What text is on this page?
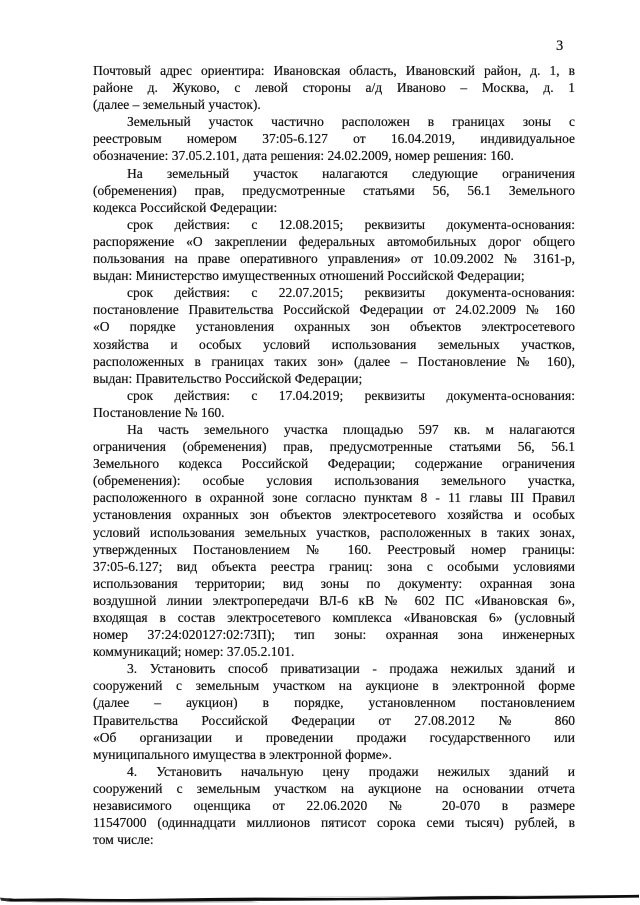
3
Почтовый адрес ориентира: Ивановская область, Ивановский район, д. 1, в
районе д. Жуково, с левой стороны а/д Иваново – Москва, д. 1
(далее – земельный участок).
Земельный участок частично расположен в границах зоны с
реестровым номером 37:05-6.127 от 16.04.2019, индивидуальное
обозначение: 37.05.2.101, дата решения: 24.02.2009, номер решения: 160.
На земельный участок налагаются следующие ограничения
(обременения) прав, предусмотренные статьями 56, 56.1 Земельного
кодекса Российской Федерации:
срок действия: с 12.08.2015; реквизиты документа-основания:
распоряжение «О закреплении федеральных автомобильных дорог общего
пользования на праве оперативного управления» от 10.09.2002 № 3161-р,
выдан: Министерство имущественных отношений Российской Федерации;
срок действия: с 22.07.2015; реквизиты документа-основания:
постановление Правительства Российской Федерации от 24.02.2009 № 160
«О порядке установления охранных зон объектов электросетевого
хозяйства и особых условий использования земельных участков,
расположенных в границах таких зон» (далее – Постановление № 160),
выдан: Правительство Российской Федерации;
срок действия: с 17.04.2019; реквизиты документа-основания:
Постановление № 160.
На часть земельного участка площадью 597 кв. м налагаются
ограничения (обременения) прав, предусмотренные статьями 56, 56.1
Земельного кодекса Российской Федерации; содержание ограничения
(обременения): особые условия использования земельного участка,
расположенного в охранной зоне согласно пунктам 8 - 11 главы III Правил
установления охранных зон объектов электросетевого хозяйства и особых
условий использования земельных участков, расположенных в таких зонах,
утвержденных Постановлением № 160. Реестровый номер границы:
37:05-6.127; вид объекта реестра границ: зона с особыми условиями
использования территории; вид зоны по документу: охранная зона
воздушной линии электропередачи ВЛ-6 кВ № 602 ПС «Ивановская 6»,
входящая в состав электросетевого комплекса «Ивановская 6» (условный
номер 37:24:020127:02:73П); тип зоны: охранная зона инженерных
коммуникаций; номер: 37.05.2.101.
3. Установить способ приватизации - продажа нежилых зданий и
сооружений с земельным участком на аукционе в электронной форме
(далее – аукцион) в порядке, установленном постановлением
Правительства Российской Федерации от 27.08.2012 № 860
«Об организации и проведении продажи государственного или
муниципального имущества в электронной форме».
4. Установить начальную цену продажи нежилых зданий и
сооружений с земельным участком на аукционе на основании отчета
независимого оценщика от 22.06.2020 № 20-070 в размере
11547000 (одиннадцати миллионов пятисот сорока семи тысяч) рублей, в
том числе:
